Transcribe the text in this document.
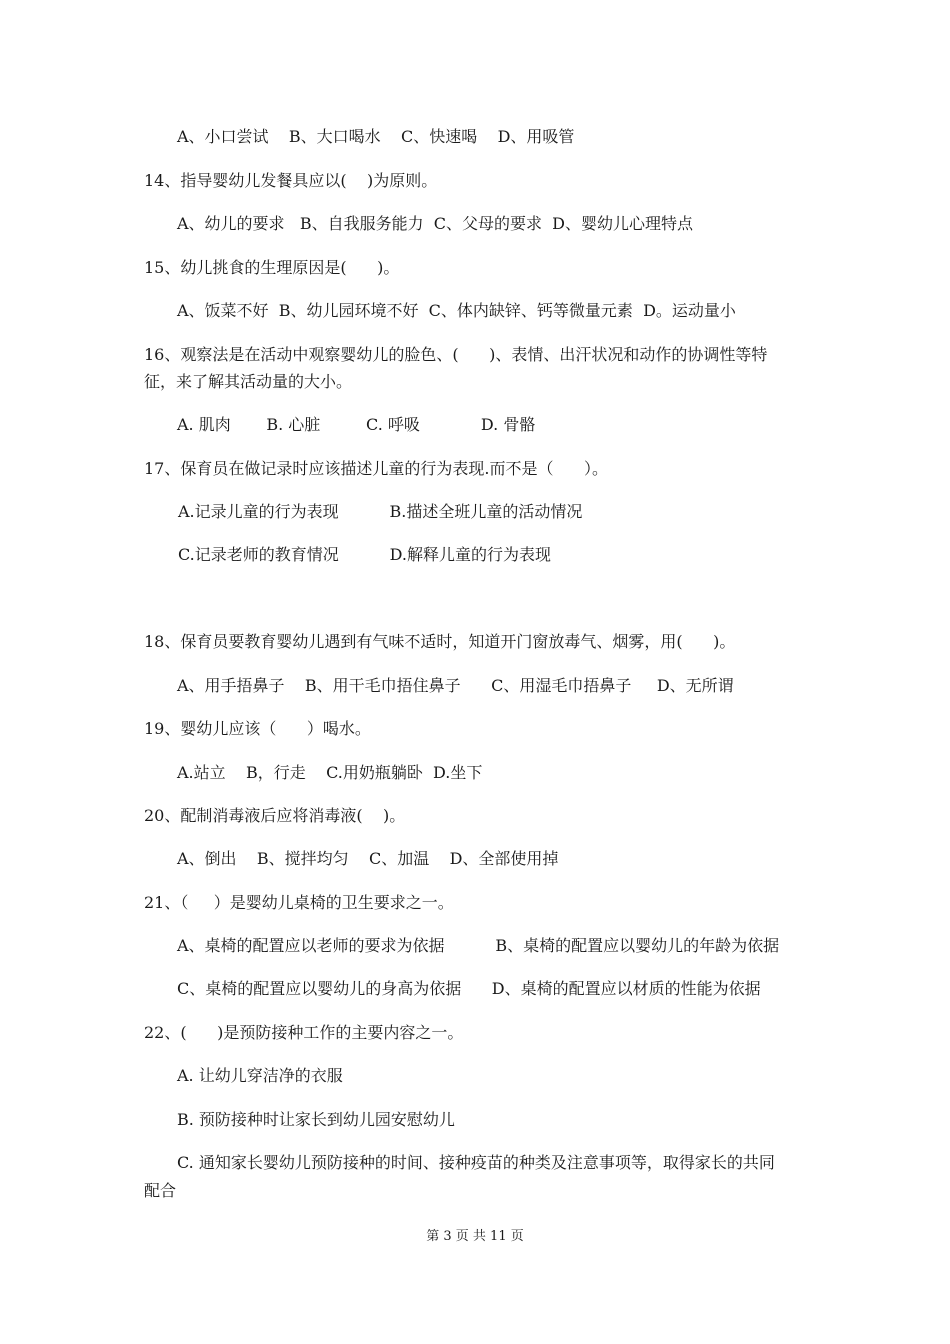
A、小口尝试    B、大口喝水    C、快速喝    D、用吸管

14、指导婴幼儿发餐具应以(    )为原则。

A、幼儿的要求   B、自我服务能力  C、父母的要求  D、婴幼儿心理特点

15、幼儿挑食的生理原因是(      )。

A、饭菜不好  B、幼儿园环境不好  C、体内缺锌、钙等微量元素  D。运动量小

16、观察法是在活动中观察婴幼儿的脸色、(      )、表情、出汗状况和动作的协调性等特

征，来了解其活动量的大小。

A. 肌肉       B. 心脏         C. 呼吸            D. 骨骼

17、保育员在做记录时应该描述儿童的行为表现.而不是（      ）。

A.记录儿童的行为表现          B.描述全班儿童的活动情况

C.记录老师的教育情况          D.解释儿童的行为表现

18、保育员要教育婴幼儿遇到有气味不适时，知道开门窗放毒气、烟雾，用(      )。

A、用手捂鼻子    B、用干毛巾捂住鼻子      C、用湿毛巾捂鼻子     D、无所谓

19、婴幼儿应该（      ）喝水。

A.站立    B，行走    C.用奶瓶躺卧  D.坐下

20、配制消毒液后应将消毒液(    )。

A、倒出    B、搅拌均匀    C、加温    D、全部使用掉

21、（     ）是婴幼儿桌椅的卫生要求之一。

A、桌椅的配置应以老师的要求为依据          B、桌椅的配置应以婴幼儿的年龄为依据

C、桌椅的配置应以婴幼儿的身高为依据      D、桌椅的配置应以材质的性能为依据

22、(      )是预防接种工作的主要内容之一。

A. 让幼儿穿洁净的衣服

B. 预防接种时让家长到幼儿园安慰幼儿

C. 通知家长婴幼儿预防接种的时间、接种疫苗的种类及注意事项等，取得家长的共同

配合

第 3 页 共 11 页
